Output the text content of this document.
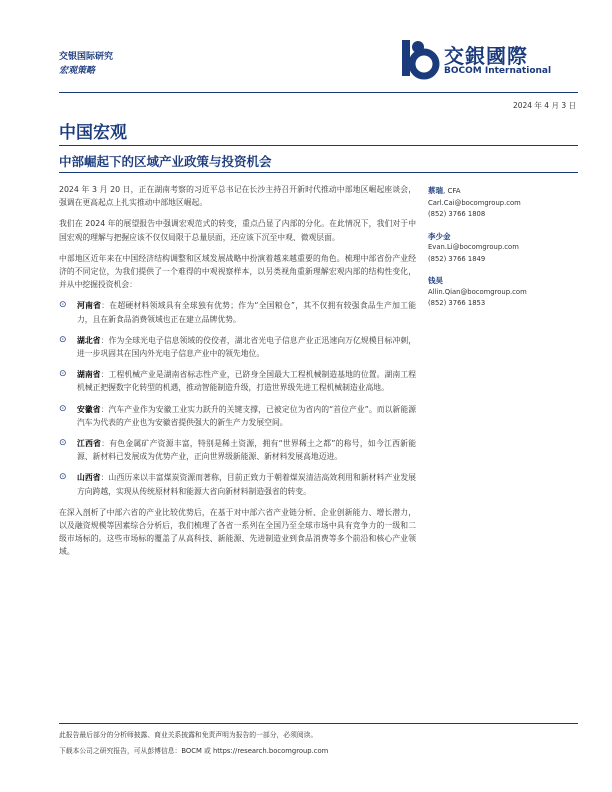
交银国际研究
宏观策略
交銀國際
BOCOM International
2024 年 4 月 3 日
中国宏观
中部崛起下的区域产业政策与投资机会

2024 年 3 月 20 日，正在湖南考察的习近平总书记在长沙主持召开新时代推动中部地区崛起座谈会，强调在更高起点上扎实推动中部地区崛起。

我们在 2024 年的展望报告中强调宏观范式的转变，重点凸显了内部的分化。在此情况下，我们对于中国宏观的理解与把握应该不仅仅局限于总量层面，还应该下沉至中观、微观层面。

中部地区近年来在中国经济结构调整和区域发展战略中扮演着越来越重要的角色。梳理中部省份产业经济的不同定位，为我们提供了一个难得的中观视察样本，以另类视角重新理解宏观内部的结构性变化，并从中挖掘投资机会：

⊙ 河南省：在超硬材料领域具有全球独有优势；作为“全国粮仓”，其不仅拥有较强食品生产加工能力，且在新食品消费领域也正在建立品牌优势。
⊙ 湖北省：作为全球光电子信息领域的佼佼者，湖北省光电子信息产业正迅速向万亿规模目标冲刺，进一步巩固其在国内外光电子信息产业中的领先地位。
⊙ 湖南省：工程机械产业是湖南省标志性产业，已跻身全国最大工程机械制造基地的位置。湖南工程机械正把握数字化转型的机遇，推动智能制造升级，打造世界级先进工程机械制造业高地。
⊙ 安徽省：汽车产业作为安徽工业实力跃升的关键支撑，已被定位为省内的“首位产业”。而以新能源汽车为代表的产业也为安徽省提供强大的新生产力发展空间。
⊙ 江西省：有色金属矿产资源丰富，特别是稀土资源，拥有“世界稀土之都”的称号，如今江西新能源、新材料已发展成为优势产业，正向世界级新能源、新材料发展高地迈进。
⊙ 山西省：山西历来以丰富煤炭资源而著称，目前正致力于朝着煤炭清洁高效利用和新材料产业发展方向跨越，实现从传统原材料和能源大省向新材料制造强省的转变。

在深入剖析了中部六省的产业比较优势后，在基于对中部六省产业链分析、企业创新能力、增长潜力，以及融资规模等因素综合分析后，我们梳理了各省一系列在全国乃至全球市场中具有竞争力的一级和二级市场标的。这些市场标的覆盖了从高科技、新能源、先进制造业到食品消费等多个前沿和核心产业领域。

蔡瑞, CFA
Carl.Cai@bocomgroup.com
(852) 3766 1808
李少金
Evan.Li@bocomgroup.com
(852) 3766 1849
钱昊
Allin.Qian@bocomgroup.com
(852) 3766 1853
此报告最后部分的分析师披露、商业关系披露和免责声明为报告的一部分，必须阅读。
下载本公司之研究报告，可从彭博信息：BOCM 或 https://research.bocomgroup.com
